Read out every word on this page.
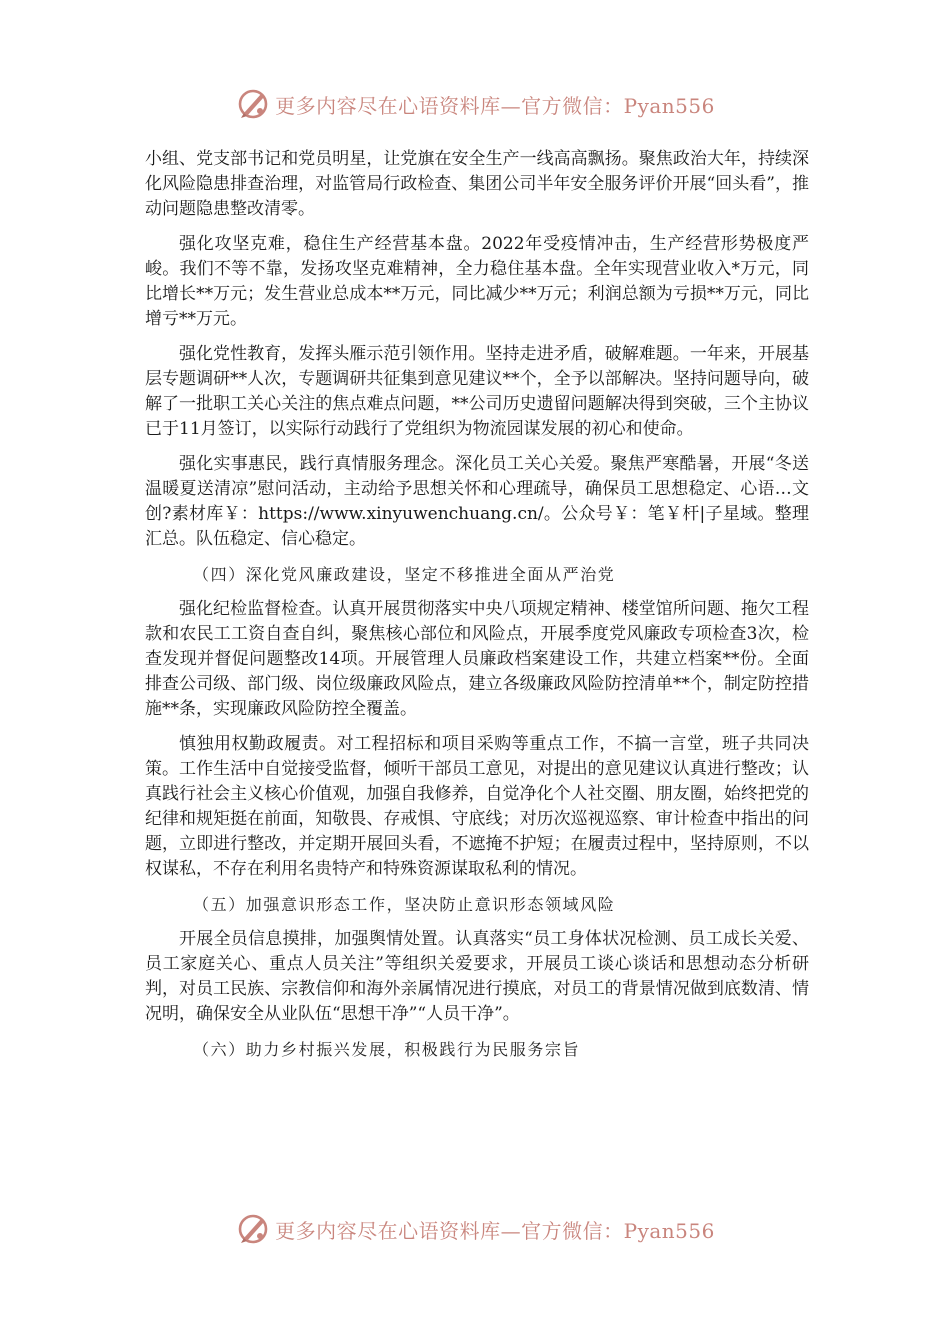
更多内容尽在心语资料库—官方微信：Pyan556

小组、党支部书记和党员明星，让党旗在安全生产一线高高飘扬。聚焦政治大年，持续深化风险隐患排查治理，对监管局行政检查、集团公司半年安全服务评价开展“回头看”，推动问题隐患整改清零。

强化攻坚克难，稳住生产经营基本盘。2022年受疫情冲击，生产经营形势极度严峻。我们不等不靠，发扬攻坚克难精神，全力稳住基本盘。全年实现营业收入*万元，同比增长**万元；发生营业总成本**万元，同比减少**万元；利润总额为亏损**万元，同比增亏**万元。

强化党性教育，发挥头雁示范引领作用。坚持走进矛盾，破解难题。一年来，开展基层专题调研**人次，专题调研共征集到意见建议**个，全予以部解决。坚持问题导向，破解了一批职工关心关注的焦点难点问题，**公司历史遗留问题解决得到突破，三个主协议已于11月签订，以实际行动践行了党组织为物流园谋发展的初心和使命。

强化实事惠民，践行真情服务理念。深化员工关心关爱。聚焦严寒酷暑，开展“冬送温暖夏送清凉”慰问活动，主动给予思想关怀和心理疏导，确保员工思想稳定、心语…文创?素材库￥：https://www.xinyuwenchuang.cn/。公众号￥：笔￥杆|子星域。整理汇总。队伍稳定、信心稳定。

（四）深化党风廉政建设，坚定不移推进全面从严治党

强化纪检监督检查。认真开展贯彻落实中央八项规定精神、楼堂馆所问题、拖欠工程款和农民工工资自查自纠，聚焦核心部位和风险点，开展季度党风廉政专项检查3次，检查发现并督促问题整改14项。开展管理人员廉政档案建设工作，共建立档案**份。全面排查公司级、部门级、岗位级廉政风险点，建立各级廉政风险防控清单**个，制定防控措施**条，实现廉政风险防控全覆盖。

慎独用权勤政履责。对工程招标和项目采购等重点工作，不搞一言堂，班子共同决策。工作生活中自觉接受监督，倾听干部员工意见，对提出的意见建议认真进行整改；认真践行社会主义核心价值观，加强自我修养，自觉净化个人社交圈、朋友圈，始终把党的纪律和规矩挺在前面，知敬畏、存戒惧、守底线；对历次巡视巡察、审计检查中指出的问题，立即进行整改，并定期开展回头看，不遮掩不护短；在履责过程中，坚持原则，不以权谋私，不存在利用名贵特产和特殊资源谋取私利的情况。

（五）加强意识形态工作，坚决防止意识形态领域风险

开展全员信息摸排，加强舆情处置。认真落实“员工身体状况检测、员工成长关爱、员工家庭关心、重点人员关注”等组织关爱要求，开展员工谈心谈话和思想动态分析研判，对员工民族、宗教信仰和海外亲属情况进行摸底，对员工的背景情况做到底数清、情况明，确保安全从业队伍“思想干净”“人员干净”。

（六）助力乡村振兴发展，积极践行为民服务宗旨

更多内容尽在心语资料库—官方微信：Pyan556
